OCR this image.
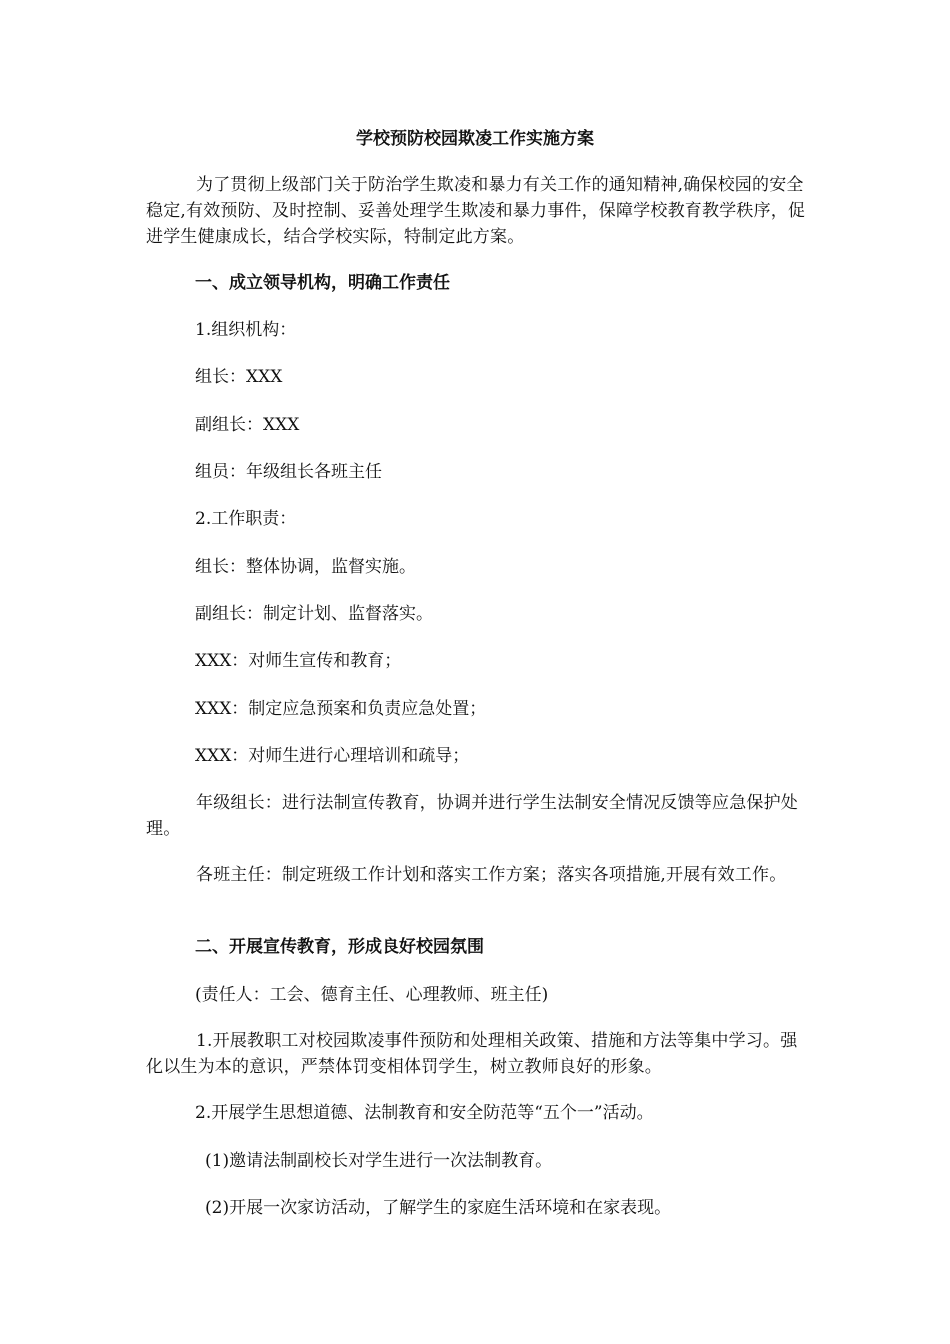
学校预防校园欺凌工作实施方案
为了贯彻上级部门关于防治学生欺凌和暴力有关工作的通知精神,确保校园的安全稳定,有效预防、及时控制、妥善处理学生欺凌和暴力事件，保障学校教育教学秩序，促进学生健康成长，结合学校实际，特制定此方案。
一、成立领导机构，明确工作责任
1.组织机构：
组长：XXX
副组长：XXX
组员：年级组长各班主任
2.工作职责：
组长：整体协调，监督实施。
副组长：制定计划、监督落实。
XXX：对师生宣传和教育；
XXX：制定应急预案和负责应急处置；
XXX：对师生进行心理培训和疏导；
年级组长：进行法制宣传教育，协调并进行学生法制安全情况反馈等应急保护处理。
各班主任：制定班级工作计划和落实工作方案；落实各项措施,开展有效工作。
二、开展宣传教育，形成良好校园氛围
(责任人：工会、德育主任、心理教师、班主任)
1.开展教职工对校园欺凌事件预防和处理相关政策、措施和方法等集中学习。强化以生为本的意识，严禁体罚变相体罚学生，树立教师良好的形象。
2.开展学生思想道德、法制教育和安全防范等“五个一”活动。
(1)邀请法制副校长对学生进行一次法制教育。
(2)开展一次家访活动，了解学生的家庭生活环境和在家表现。
